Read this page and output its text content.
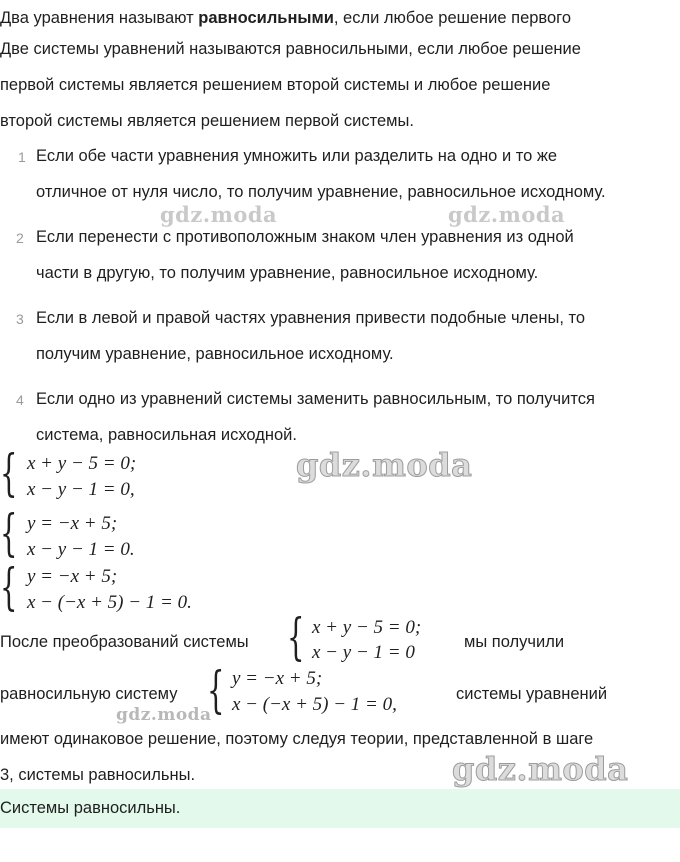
Два уравнения называют равносильными, если любое решение первого
Две системы уравнений называются равносильными, если любое решение
первой системы является решением второй системы и любое решение
второй системы является решением первой системы.
1 Если обе части уравнения умножить или разделить на одно и то же
отличное от нуля число, то получим уравнение, равносильное исходному.
2 Если перенести с противоположным знаком член уравнения из одной
части в другую, то получим уравнение, равносильное исходному.
3 Если в левой и правой частях уравнения привести подобные члены, то
получим уравнение, равносильное исходному.
4 Если одно из уравнений системы заменить равносильным, то получится
система, равносильная исходной.
gdz.moda	gdz.moda
{ x + y − 5 = 0;
x − y − 1 = 0,
gdz.moda
{ y = −x + 5;
x − y − 1 = 0.
{ y = −x + 5;
x − (−x + 5) − 1 = 0.
После преобразований системы { x + y − 5 = 0;
x − y − 1 = 0	мы получили
равносильную систему { y = −x + 5;
x − (−x + 5) − 1 = 0,	системы уравнений
gdz.moda
имеют одинаковое решение, поэтому следуя теории, представленной в шаге
3, системы равносильны.	gdz.moda
Системы равносильны.
